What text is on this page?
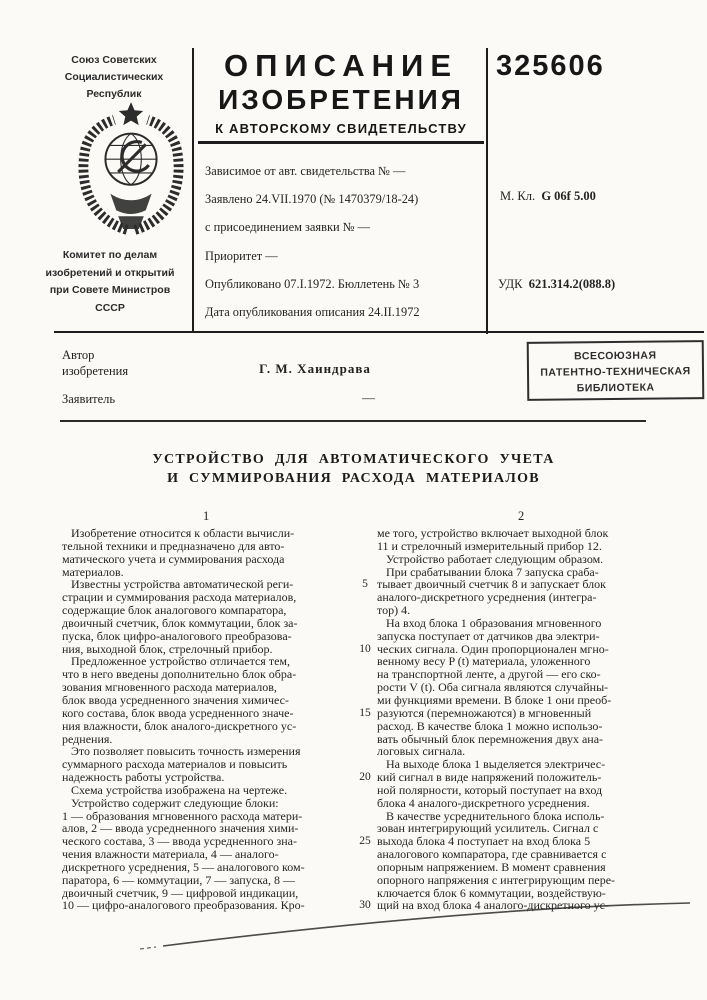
Союз Советских
Социалистических
Республик
Комитет по делам
изобретений и открытий
при Совете Министров
СССР
ОПИСАНИЕ
ИЗОБРЕТЕНИЯ
К АВТОРСКОМУ СВИДЕТЕЛЬСТВУ
325606
Зависимое от авт. свидетельства № —
Заявлено 24.VII.1970 (№ 1470379/18-24)
с присоединением заявки № —
Приоритет —
Опубликовано 07.I.1972. Бюллетень № 3
Дата опубликования описания 24.II.1972
М. Кл. G 06f 5.00
УДК 621.314.2(088.8)
Автор
изобретения	Г. М. Хаиндрава
Заявитель	—
ВСЕСОЮЗНАЯ
ПАТЕНТНО-ТЕХНИЧЕСКАЯ
БИБЛИОТЕКА
УСТРОЙСТВО ДЛЯ АВТОМАТИЧЕСКОГО УЧЕТА
И СУММИРОВАНИЯ РАСХОДА МАТЕРИАЛОВ
1	2
Изобретение относится к области вычисли-
тельной техники и предназначено для авто-
матического учета и суммирования расхода
материалов.
Известны устройства автоматической реги-
страции и суммирования расхода материалов,
содержащие блок аналогового компаратора,
двоичный счетчик, блок коммутации, блок за-
пуска, блок цифро-аналогового преобразова-
ния, выходной блок, стрелочный прибор.
Предложенное устройство отличается тем,
что в него введены дополнительно блок обра-
зования мгновенного расхода материалов,
блок ввода усредненного значения химичес-
кого состава, блок ввода усредненного значе-
ния влажности, блок аналого-дискретного ус-
реднения.
Это позволяет повысить точность измерения
суммарного расхода материалов и повысить
надежность работы устройства.
Схема устройства изображена на чертеже.
Устройство содержит следующие блоки:
1 — образования мгновенного расхода матери-
алов, 2 — ввода усредненного значения хими-
ческого состава, 3 — ввода усредненного зна-
чения влажности материала, 4 — аналого-
дискретного усреднения, 5 — аналогового ком-
паратора, 6 — коммутации, 7 — запуска, 8 —
двоичный счетчик, 9 — цифровой индикации,
10 — цифро-аналогового преобразования. Кро-

5

10

15

20

25

30
ме того, устройство включает выходной блок
11 и стрелочный измерительный прибор 12.
Устройство работает следующим образом.
При срабатывании блока 7 запуска сраба-
тывает двоичный счетчик 8 и запускает блок
аналого-дискретного усреднения (интегра-
тор) 4.
На вход блока 1 образования мгновенного
запуска поступает от датчиков два электри-
ческих сигнала. Один пропорционален мгно-
венному весу P (t) материала, уложенного
на транспортной ленте, а другой — его ско-
рости V (t). Оба сигнала являются случайны-
ми функциями времени. В блоке 1 они преоб-
разуются (перемножаются) в мгновенный
расход. В качестве блока 1 можно использо-
вать обычный блок перемножения двух ана-
логовых сигнала.
На выходе блока 1 выделяется электричес-
кий сигнал в виде напряжений положитель-
ной полярности, который поступает на вход
блока 4 аналого-дискретного усреднения.
В качестве усреднительного блока исполь-
зован интегрирующий усилитель. Сигнал с
выхода блока 4 поступает на вход блока 5
аналогового компаратора, где сравнивается с
опорным напряжением. В момент сравнения
опорного напряжения с интегрирующим пере-
ключается блок 6 коммутации, воздействую-
щий на вход блока 4 аналого-дискретного ус-
